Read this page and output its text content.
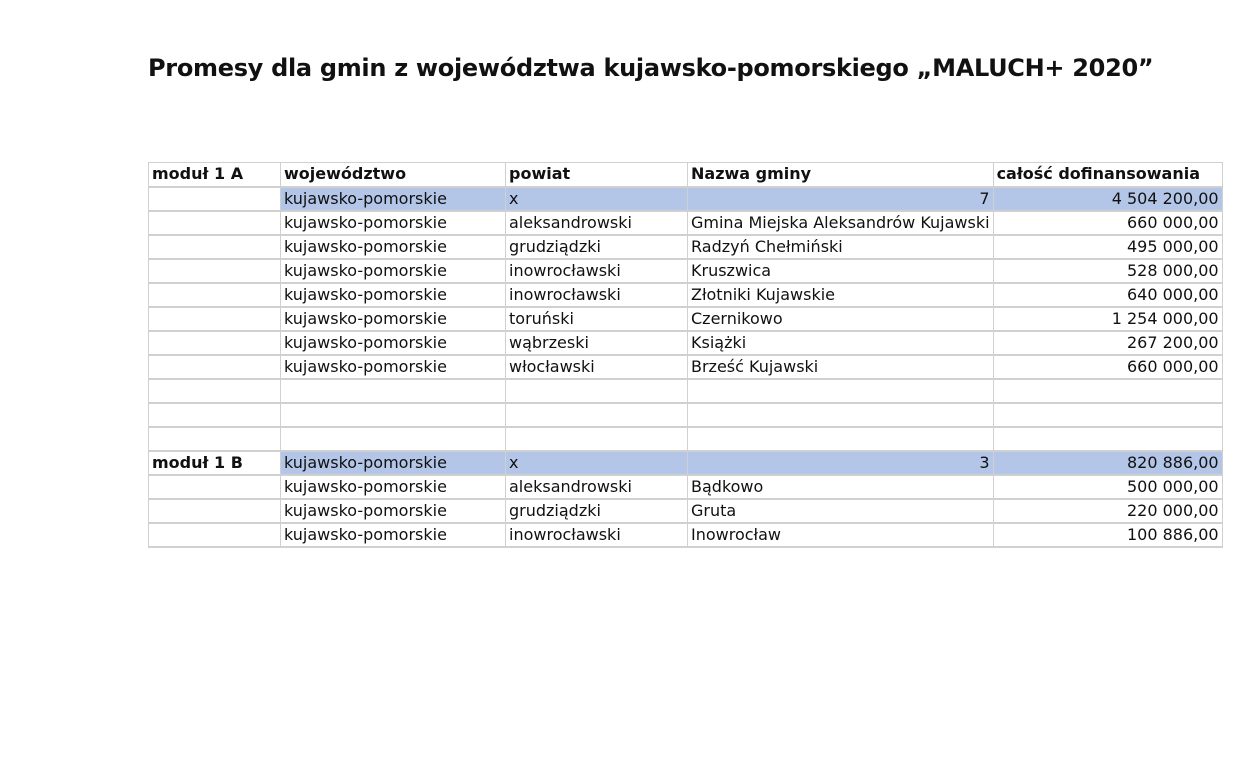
Promesy dla gmin z województwa kujawsko-pomorskiego „MALUCH+ 2020”
moduł 1 A	województwo	powiat	Nazwa gminy	całość dofinansowania
	kujawsko-pomorskie	x	7	4 504 200,00
	kujawsko-pomorskie	aleksandrowski	Gmina Miejska Aleksandrów Kujawski	660 000,00
	kujawsko-pomorskie	grudziądzki	Radzyń Chełmiński	495 000,00
	kujawsko-pomorskie	inowrocławski	Kruszwica	528 000,00
	kujawsko-pomorskie	inowrocławski	Złotniki Kujawskie	640 000,00
	kujawsko-pomorskie	toruński	Czernikowo	1 254 000,00
	kujawsko-pomorskie	wąbrzeski	Książki	267 200,00
	kujawsko-pomorskie	włocławski	Brześć Kujawski	660 000,00

moduł 1 B	kujawsko-pomorskie	x	3	820 886,00
	kujawsko-pomorskie	aleksandrowski	Bądkowo	500 000,00
	kujawsko-pomorskie	grudziądzki	Gruta	220 000,00
	kujawsko-pomorskie	inowrocławski	Inowrocław	100 886,00
